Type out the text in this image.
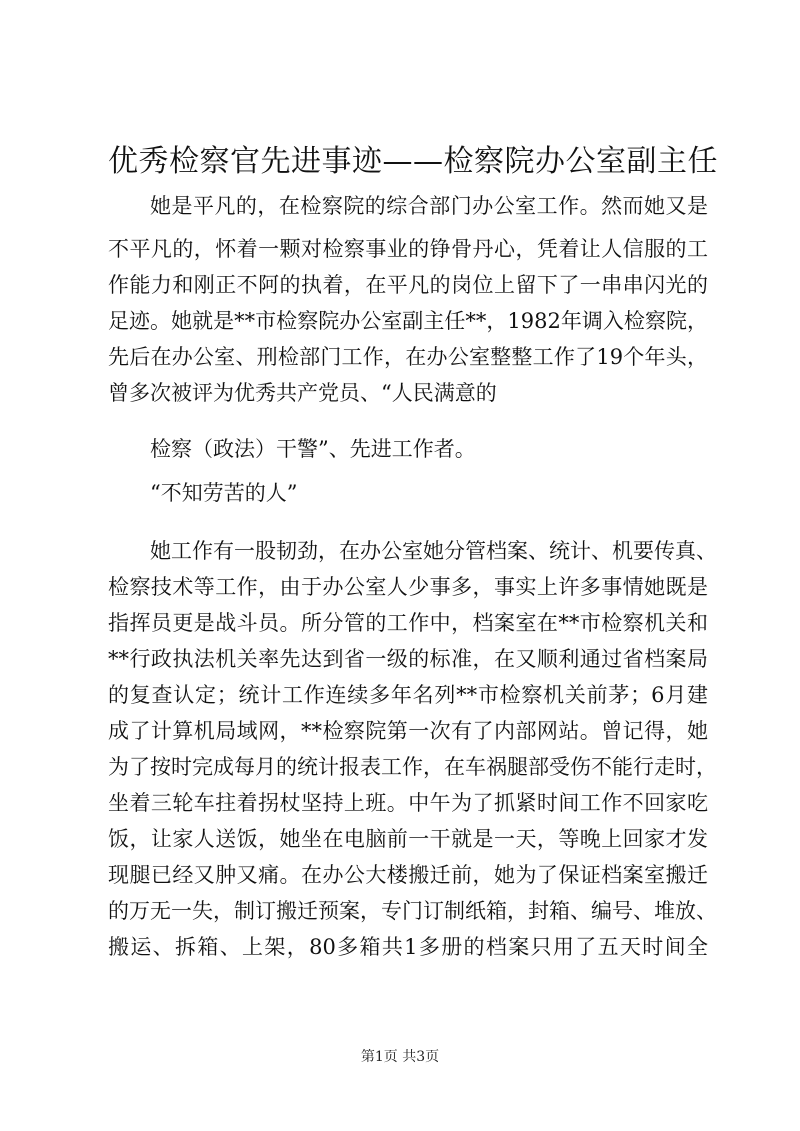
优秀检察官先进事迹——检察院办公室副主任
她是平凡的，在检察院的综合部门办公室工作。然而她又是
不平凡的，怀着一颗对检察事业的铮骨丹心，凭着让人信服的工
作能力和刚正不阿的执着，在平凡的岗位上留下了一串串闪光的
足迹。她就是**市检察院办公室副主任**，1982年调入检察院，
先后在办公室、刑检部门工作，在办公室整整工作了19个年头，
曾多次被评为优秀共产党员、“人民满意的
检察（政法）干警”、先进工作者。
“不知劳苦的人”
她工作有一股韧劲，在办公室她分管档案、统计、机要传真、
检察技术等工作，由于办公室人少事多，事实上许多事情她既是
指挥员更是战斗员。所分管的工作中，档案室在**市检察机关和
**行政执法机关率先达到省一级的标准，在又顺利通过省档案局
的复查认定；统计工作连续多年名列**市检察机关前茅；6月建
成了计算机局域网，**检察院第一次有了内部网站。曾记得，她
为了按时完成每月的统计报表工作，在车祸腿部受伤不能行走时，
坐着三轮车拄着拐杖坚持上班。中午为了抓紧时间工作不回家吃
饭，让家人送饭，她坐在电脑前一干就是一天，等晚上回家才发
现腿已经又肿又痛。在办公大楼搬迁前，她为了保证档案室搬迁
的万无一失，制订搬迁预案，专门订制纸箱，封箱、编号、堆放、
搬运、拆箱、上架，80多箱共1多册的档案只用了五天时间全
第1页 共3页
